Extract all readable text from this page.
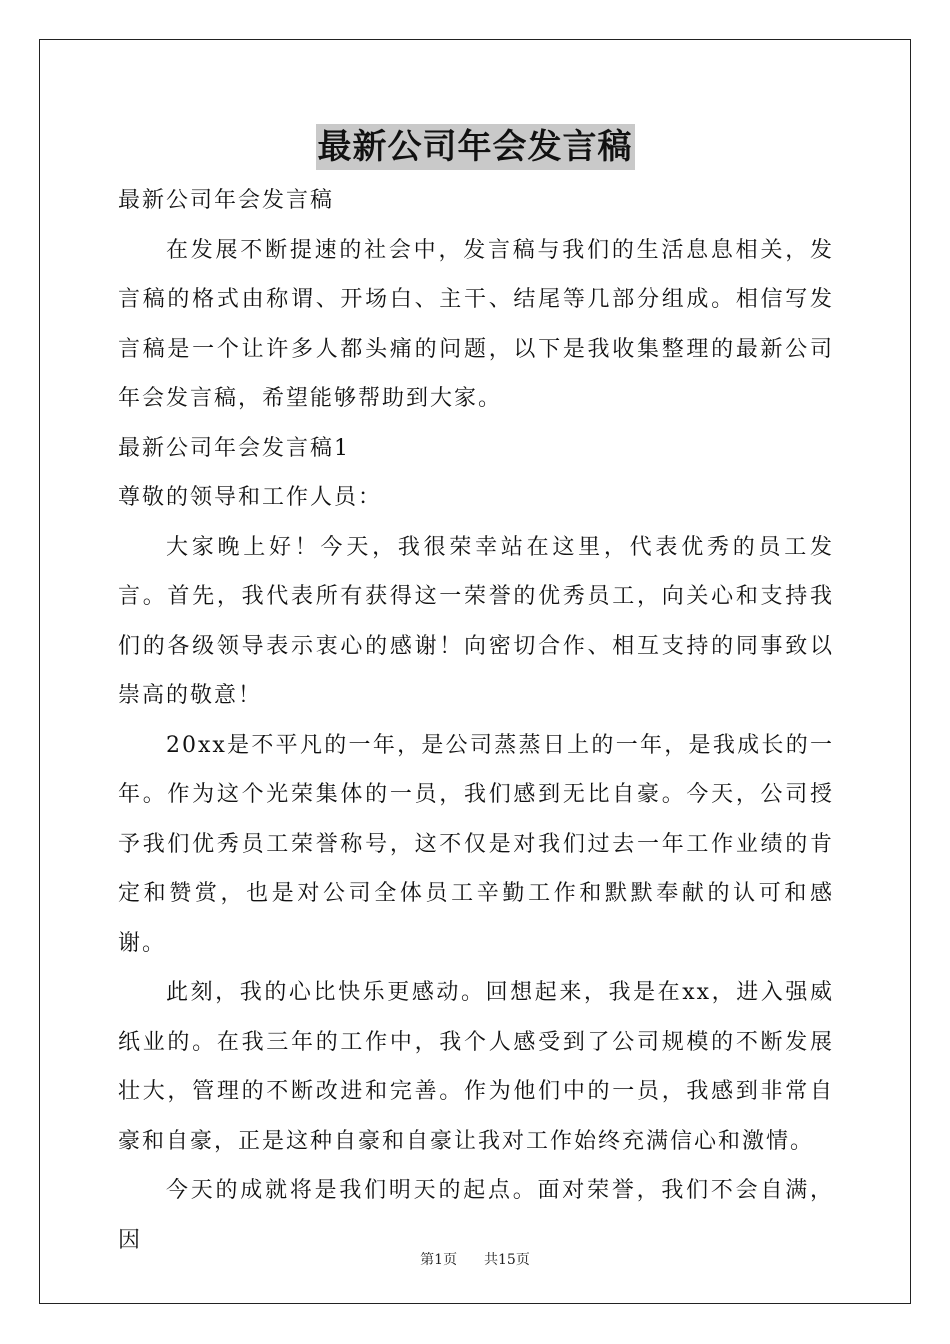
最新公司年会发言稿

最新公司年会发言稿

在发展不断提速的社会中，发言稿与我们的生活息息相关，发言稿的格式由称谓、开场白、主干、结尾等几部分组成。相信写发言稿是一个让许多人都头痛的问题，以下是我收集整理的最新公司年会发言稿，希望能够帮助到大家。

最新公司年会发言稿1

尊敬的领导和工作人员：

大家晚上好！今天，我很荣幸站在这里，代表优秀的员工发言。首先，我代表所有获得这一荣誉的优秀员工，向关心和支持我们的各级领导表示衷心的感谢！向密切合作、相互支持的同事致以崇高的敬意！

20xx是不平凡的一年，是公司蒸蒸日上的一年，是我成长的一年。作为这个光荣集体的一员，我们感到无比自豪。今天，公司授予我们优秀员工荣誉称号，这不仅是对我们过去一年工作业绩的肯定和赞赏，也是对公司全体员工辛勤工作和默默奉献的认可和感谢。

此刻，我的心比快乐更感动。回想起来，我是在xx，进入强威纸业的。在我三年的工作中，我个人感受到了公司规模的不断发展壮大，管理的不断改进和完善。作为他们中的一员，我感到非常自豪和自豪，正是这种自豪和自豪让我对工作始终充满信心和激情。

今天的成就将是我们明天的起点。面对荣誉，我们不会自满，因

第1页 共15页
